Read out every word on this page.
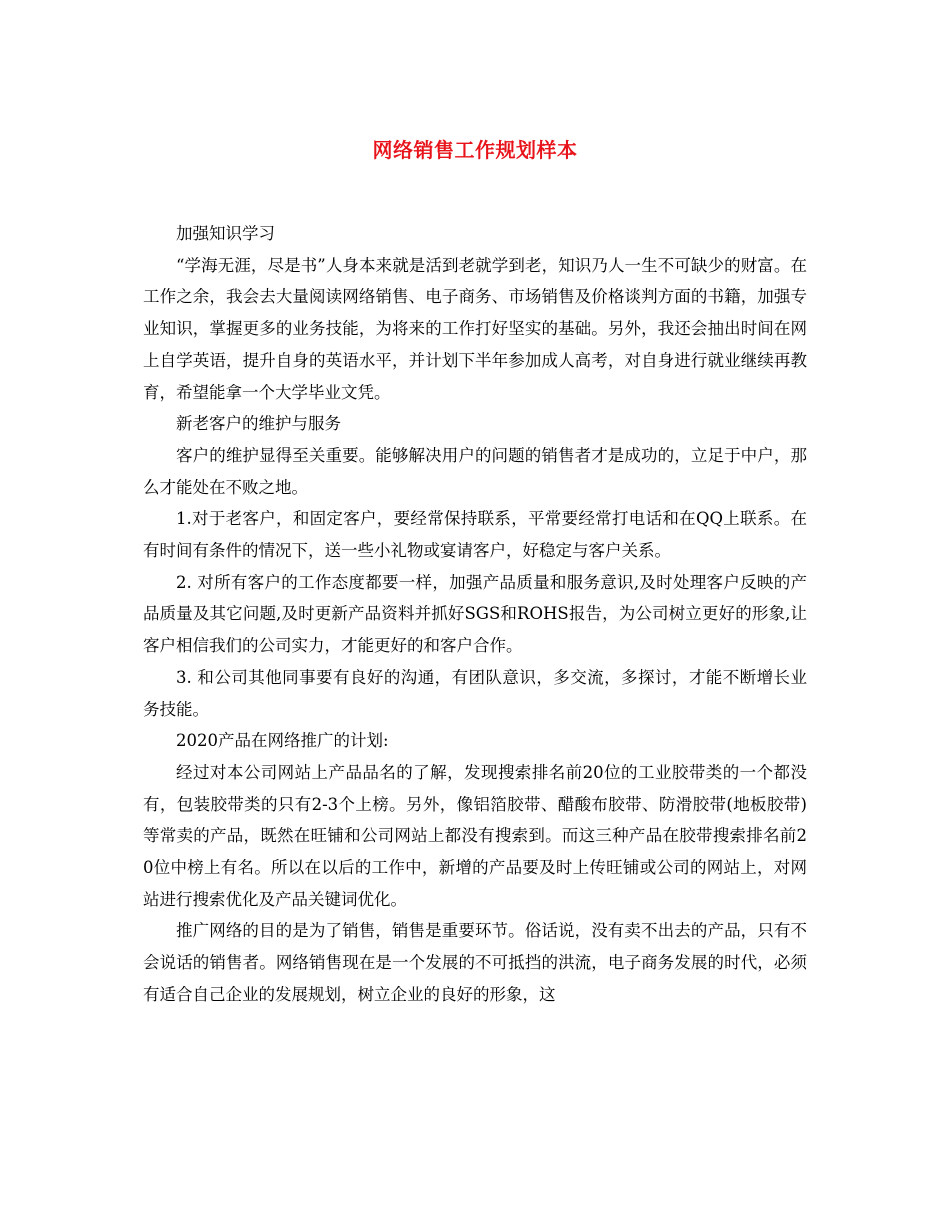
网络销售工作规划样本

加强知识学习

“学海无涯，尽是书”人身本来就是活到老就学到老，知识乃人一生不可缺少的财富。在工作之余，我会去大量阅读网络销售、电子商务、市场销售及价格谈判方面的书籍，加强专业知识，掌握更多的业务技能，为将来的工作打好坚实的基础。另外，我还会抽出时间在网上自学英语，提升自身的英语水平，并计划下半年参加成人高考，对自身进行就业继续再教育，希望能拿一个大学毕业文凭。

新老客户的维护与服务

客户的维护显得至关重要。能够解决用户的问题的销售者才是成功的，立足于中户，那么才能处在不败之地。

1.对于老客户，和固定客户，要经常保持联系，平常要经常打电话和在QQ上联系。在有时间有条件的情况下，送一些小礼物或宴请客户，好稳定与客户关系。

2. 对所有客户的工作态度都要一样，加强产品质量和服务意识,及时处理客户反映的产品质量及其它问题,及时更新产品资料并抓好SGS和ROHS报告，为公司树立更好的形象,让客户相信我们的公司实力，才能更好的和客户合作。

3. 和公司其他同事要有良好的沟通，有团队意识，多交流，多探讨，才能不断增长业务技能。

2020产品在网络推广的计划:

经过对本公司网站上产品品名的了解，发现搜索排名前20位的工业胶带类的一个都没有，包装胶带类的只有2-3个上榜。另外，像铝箔胶带、醋酸布胶带、防滑胶带(地板胶带)等常卖的产品，既然在旺铺和公司网站上都没有搜索到。而这三种产品在胶带搜索排名前20位中榜上有名。所以在以后的工作中，新增的产品要及时上传旺铺或公司的网站上，对网站进行搜索优化及产品关键词优化。

推广网络的目的是为了销售，销售是重要环节。俗话说，没有卖不出去的产品，只有不会说话的销售者。网络销售现在是一个发展的不可抵挡的洪流，电子商务发展的时代，必须有适合自己企业的发展规划，树立企业的良好的形象，这
